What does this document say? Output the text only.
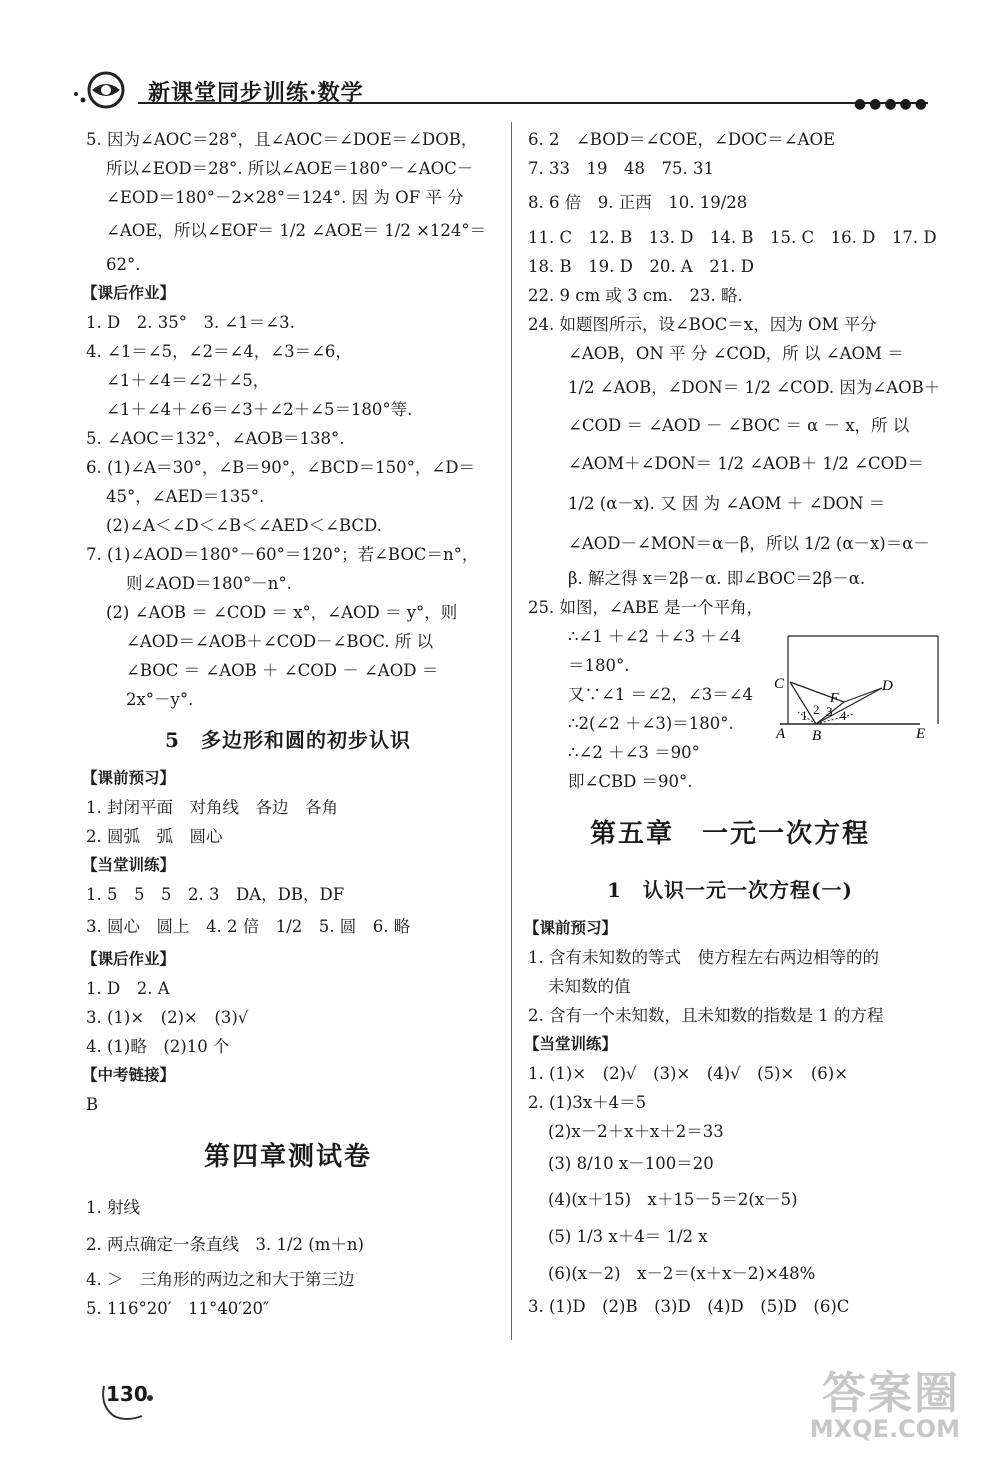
新课堂同步训练·数学	●●●●●
5. 因为∠AOC＝28°，且∠AOC＝∠DOE＝∠DOB，
所以∠EOD＝28°. 所以∠AOE＝180°－∠AOC－
∠EOD＝180°－2×28°＝124°. 因 为 OF 平 分
∠AOE，所以∠EOF＝ 1/2 ∠AOE＝ 1/2 ×124°＝
62°.
【课后作业】
1. D　2. 35°　3. ∠1＝∠3.
4. ∠1＝∠5，∠2＝∠4，∠3＝∠6，
∠1＋∠4＝∠2＋∠5，
∠1＋∠4＋∠6＝∠3＋∠2＋∠5＝180°等.
5. ∠AOC＝132°，∠AOB＝138°.
6. (1)∠A＝30°，∠B＝90°，∠BCD＝150°，∠D＝
45°，∠AED＝135°.
(2)∠A＜∠D＜∠B＜∠AED＜∠BCD.
7. (1)∠AOD＝180°－60°＝120°；若∠BOC＝n°，
则∠AOD＝180°－n°.
(2) ∠AOB ＝ ∠COD ＝ x°，∠AOD ＝ y°，则
∠AOD＝∠AOB＋∠COD－∠BOC. 所 以
∠BOC ＝ ∠AOB ＋ ∠COD － ∠AOD ＝
2x°－y°.
5　多边形和圆的初步认识
【课前预习】
1. 封闭平面　对角线　各边　各角
2. 圆弧　弧　圆心
【当堂训练】
1. 5　5　5　2. 3　DA，DB，DF
3. 圆心　圆上　4. 2 倍　1/2　5. 圆　6. 略
【课后作业】
1. D　2. A
3. (1)×　(2)×　(3)√
4. (1)略　(2)10 个
【中考链接】
B
第四章测试卷
1. 射线
2. 两点确定一条直线　3. 1/2 (m＋n)
4. ＞　三角形的两边之和大于第三边
5. 116°20′　11°40′20″
6. 2　∠BOD＝∠COE，∠DOC＝∠AOE
7. 33　19　48　75. 31
8. 6 倍　9. 正西　10. 19/28
11. C　12. B　13. D　14. B　15. C　16. D　17. D
18. B　19. D　20. A　21. D
22. 9 cm 或 3 cm.　23. 略.
24. 如题图所示，设∠BOC＝x，因为 OM 平分
∠AOB，ON 平 分 ∠COD，所 以 ∠AOM ＝
1/2 ∠AOB，∠DON＝ 1/2 ∠COD. 因为∠AOB＋
∠COD ＝ ∠AOD － ∠BOC ＝ α － x，所 以
∠AOM＋∠DON＝ 1/2 ∠AOB＋ 1/2 ∠COD＝
1/2 (α－x). 又 因 为 ∠AOM ＋ ∠DON ＝
∠AOD－∠MON＝α－β，所以 1/2 (α－x)＝α－
β. 解之得 x＝2β－α. 即∠BOC＝2β－α.
25. 如图，∠ABE 是一个平角，
∴∠1 ＋∠2 ＋∠3 ＋∠4
＝180°.
又∵∠1 ＝∠2，∠3＝∠4
∴2(∠2 ＋∠3)＝180°.
∴∠2 ＋∠3 ＝90°
即∠CBD ＝90°.
第五章　一元一次方程
1　认识一元一次方程(一)
【课前预习】
1. 含有未知数的等式　使方程左右两边相等的的
未知数的值
2. 含有一个未知数，且未知数的指数是 1 的方程
【当堂训练】
1. (1)×　(2)√　(3)×　(4)√　(5)×　(6)×
2. (1)3x＋4＝5
(2)x－2＋x＋x＋2＝33
(3) 8/10 x－100＝20
(4)(x＋15)　x＋15－5＝2(x－5)
(5) 1/3 x＋4＝ 1/2 x
(6)(x－2)　x－2＝(x＋x－2)×48%
3. (1)D　(2)B　(3)D　(4)D　(5)D　(6)C
C
A B	E
F
D
1 2 3 4
130	答案圈
MXQE.COM
